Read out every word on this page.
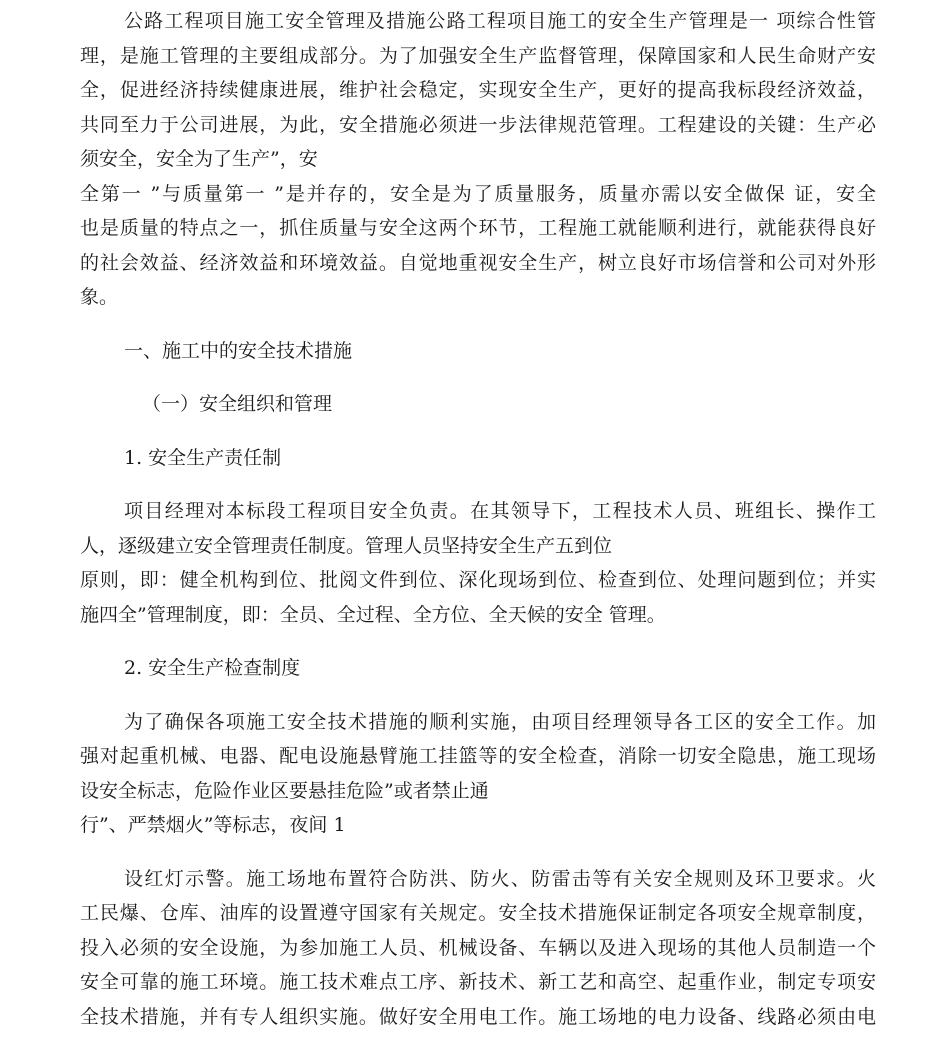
公路工程项目施工安全管理及措施公路工程项目施工的安全生产管理是一 项综合性管
理，是施工管理的主要组成部分。为了加强安全生产监督管理，保障国家和人民生命财产安
全，促进经济持续健康进展，维护社会稳定，实现安全生产，更好的提高我标段经济效益，
共同至力于公司进展，为此，安全措施必须进一步法律规范管理。工程建设的关键：生产必
须安全，安全为了生产”，安
全第一 ”与质量第一 ”是并存的，安全是为了质量服务，质量亦需以安全做保 证，安全
也是质量的特点之一，抓住质量与安全这两个环节，工程施工就能顺利进行，就能获得良好
的社会效益、经济效益和环境效益。自觉地重视安全生产，树立良好市场信誉和公司对外形
象。
一、施工中的安全技术措施
（一）安全组织和管理
1. 安全生产责任制
项目经理对本标段工程项目安全负责。在其领导下，工程技术人员、班组长、操作工
人，逐级建立安全管理责任制度。管理人员坚持安全生产五到位
原则，即：健全机构到位、批阅文件到位、深化现场到位、检查到位、处理问题到位；并实
施四全”管理制度，即：全员、全过程、全方位、全天候的安全 管理。
2. 安全生产检查制度
为了确保各项施工安全技术措施的顺利实施，由项目经理领导各工区的安全工作。加
强对起重机械、电器、配电设施悬臂施工挂篮等的安全检查，消除一切安全隐患，施工现场
设安全标志，危险作业区要悬挂危险”或者禁止通
行”、严禁烟火”等标志，夜间 1
设红灯示警。施工场地布置符合防洪、防火、防雷击等有关安全规则及环卫要求。火
工民爆、仓库、油库的设置遵守国家有关规定。安全技术措施保证制定各项安全规章制度，
投入必须的安全设施，为参加施工人员、机械设备、车辆以及进入现场的其他人员制造一个
安全可靠的施工环境。施工技术难点工序、新技术、新工艺和高空、起重作业，制定专项安
全技术措施，并有专人组织实施。做好安全用电工作。施工场地的电力设备、线路必须由电
